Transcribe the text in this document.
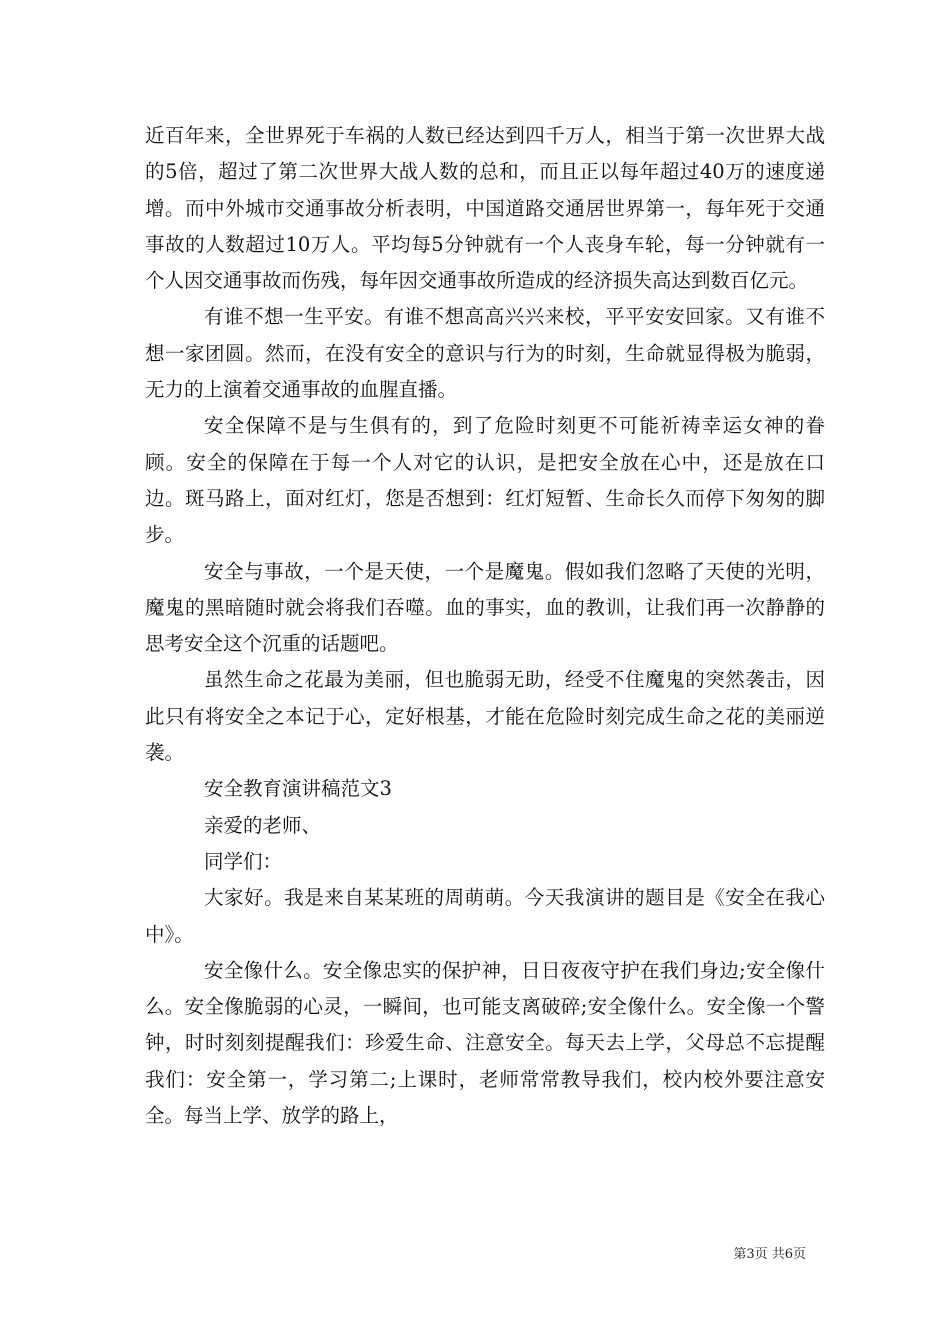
近百年来，全世界死于车祸的人数已经达到四千万人，相当于第一次世界大战的5倍，超过了第二次世界大战人数的总和，而且正以每年超过40万的速度递增。而中外城市交通事故分析表明，中国道路交通居世界第一，每年死于交通事故的人数超过10万人。平均每5分钟就有一个人丧身车轮，每一分钟就有一个人因交通事故而伤残，每年因交通事故所造成的经济损失高达到数百亿元。

有谁不想一生平安。有谁不想高高兴兴来校，平平安安回家。又有谁不想一家团圆。然而，在没有安全的意识与行为的时刻，生命就显得极为脆弱，无力的上演着交通事故的血腥直播。

安全保障不是与生俱有的，到了危险时刻更不可能祈祷幸运女神的眷顾。安全的保障在于每一个人对它的认识，是把安全放在心中，还是放在口边。斑马路上，面对红灯，您是否想到：红灯短暂、生命长久而停下匆匆的脚步。

安全与事故，一个是天使，一个是魔鬼。假如我们忽略了天使的光明，魔鬼的黑暗随时就会将我们吞噬。血的事实，血的教训，让我们再一次静静的思考安全这个沉重的话题吧。

虽然生命之花最为美丽，但也脆弱无助，经受不住魔鬼的突然袭击，因此只有将安全之本记于心，定好根基，才能在危险时刻完成生命之花的美丽逆袭。

安全教育演讲稿范文3

亲爱的老师、

同学们：

大家好。我是来自某某班的周萌萌。今天我演讲的题目是《安全在我心中》。

安全像什么。安全像忠实的保护神，日日夜夜守护在我们身边;安全像什么。安全像脆弱的心灵，一瞬间，也可能支离破碎;安全像什么。安全像一个警钟，时时刻刻提醒我们：珍爱生命、注意安全。每天去上学，父母总不忘提醒我们：安全第一，学习第二;上课时，老师常常教导我们，校内校外要注意安全。每当上学、放学的路上，

第3页 共6页
